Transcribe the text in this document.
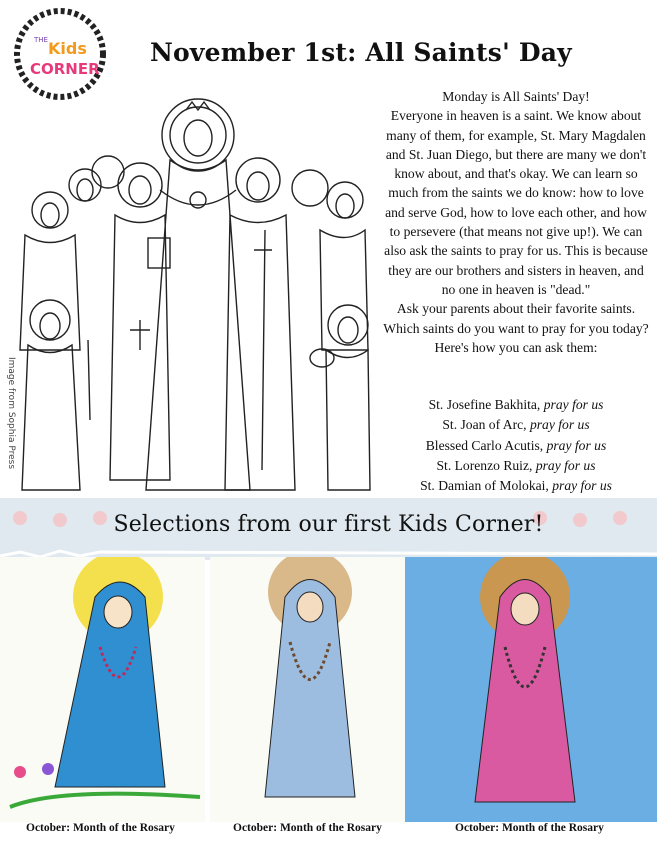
THE Kids
CORNER
November 1st: All Saints' Day
Image from Sophia Press

Monday is All Saints' Day!

Everyone in heaven is a saint. We know about many of them, for example, St. Mary Magdalen and St. Juan Diego, but there are many we don't know about, and that's okay. We can learn so much from the saints we do know: how to love and serve God, how to love each other, and how to persevere (that means not give up!). We can also ask the saints to pray for us. This is because they are our brothers and sisters in heaven, and no one in heaven is "dead."

Ask your parents about their favorite saints. Which saints do you want to pray for you today? Here's how you can ask them:

St. Josefine Bakhita, pray for us
St. Joan of Arc, pray for us
Blessed Carlo Acutis, pray for us
St. Lorenzo Ruiz, pray for us
St. Damian of Molokai, pray for us
Selections from our first Kids Corner!
October: Month of the Rosary	October: Month of the Rosary	October: Month of the Rosary
